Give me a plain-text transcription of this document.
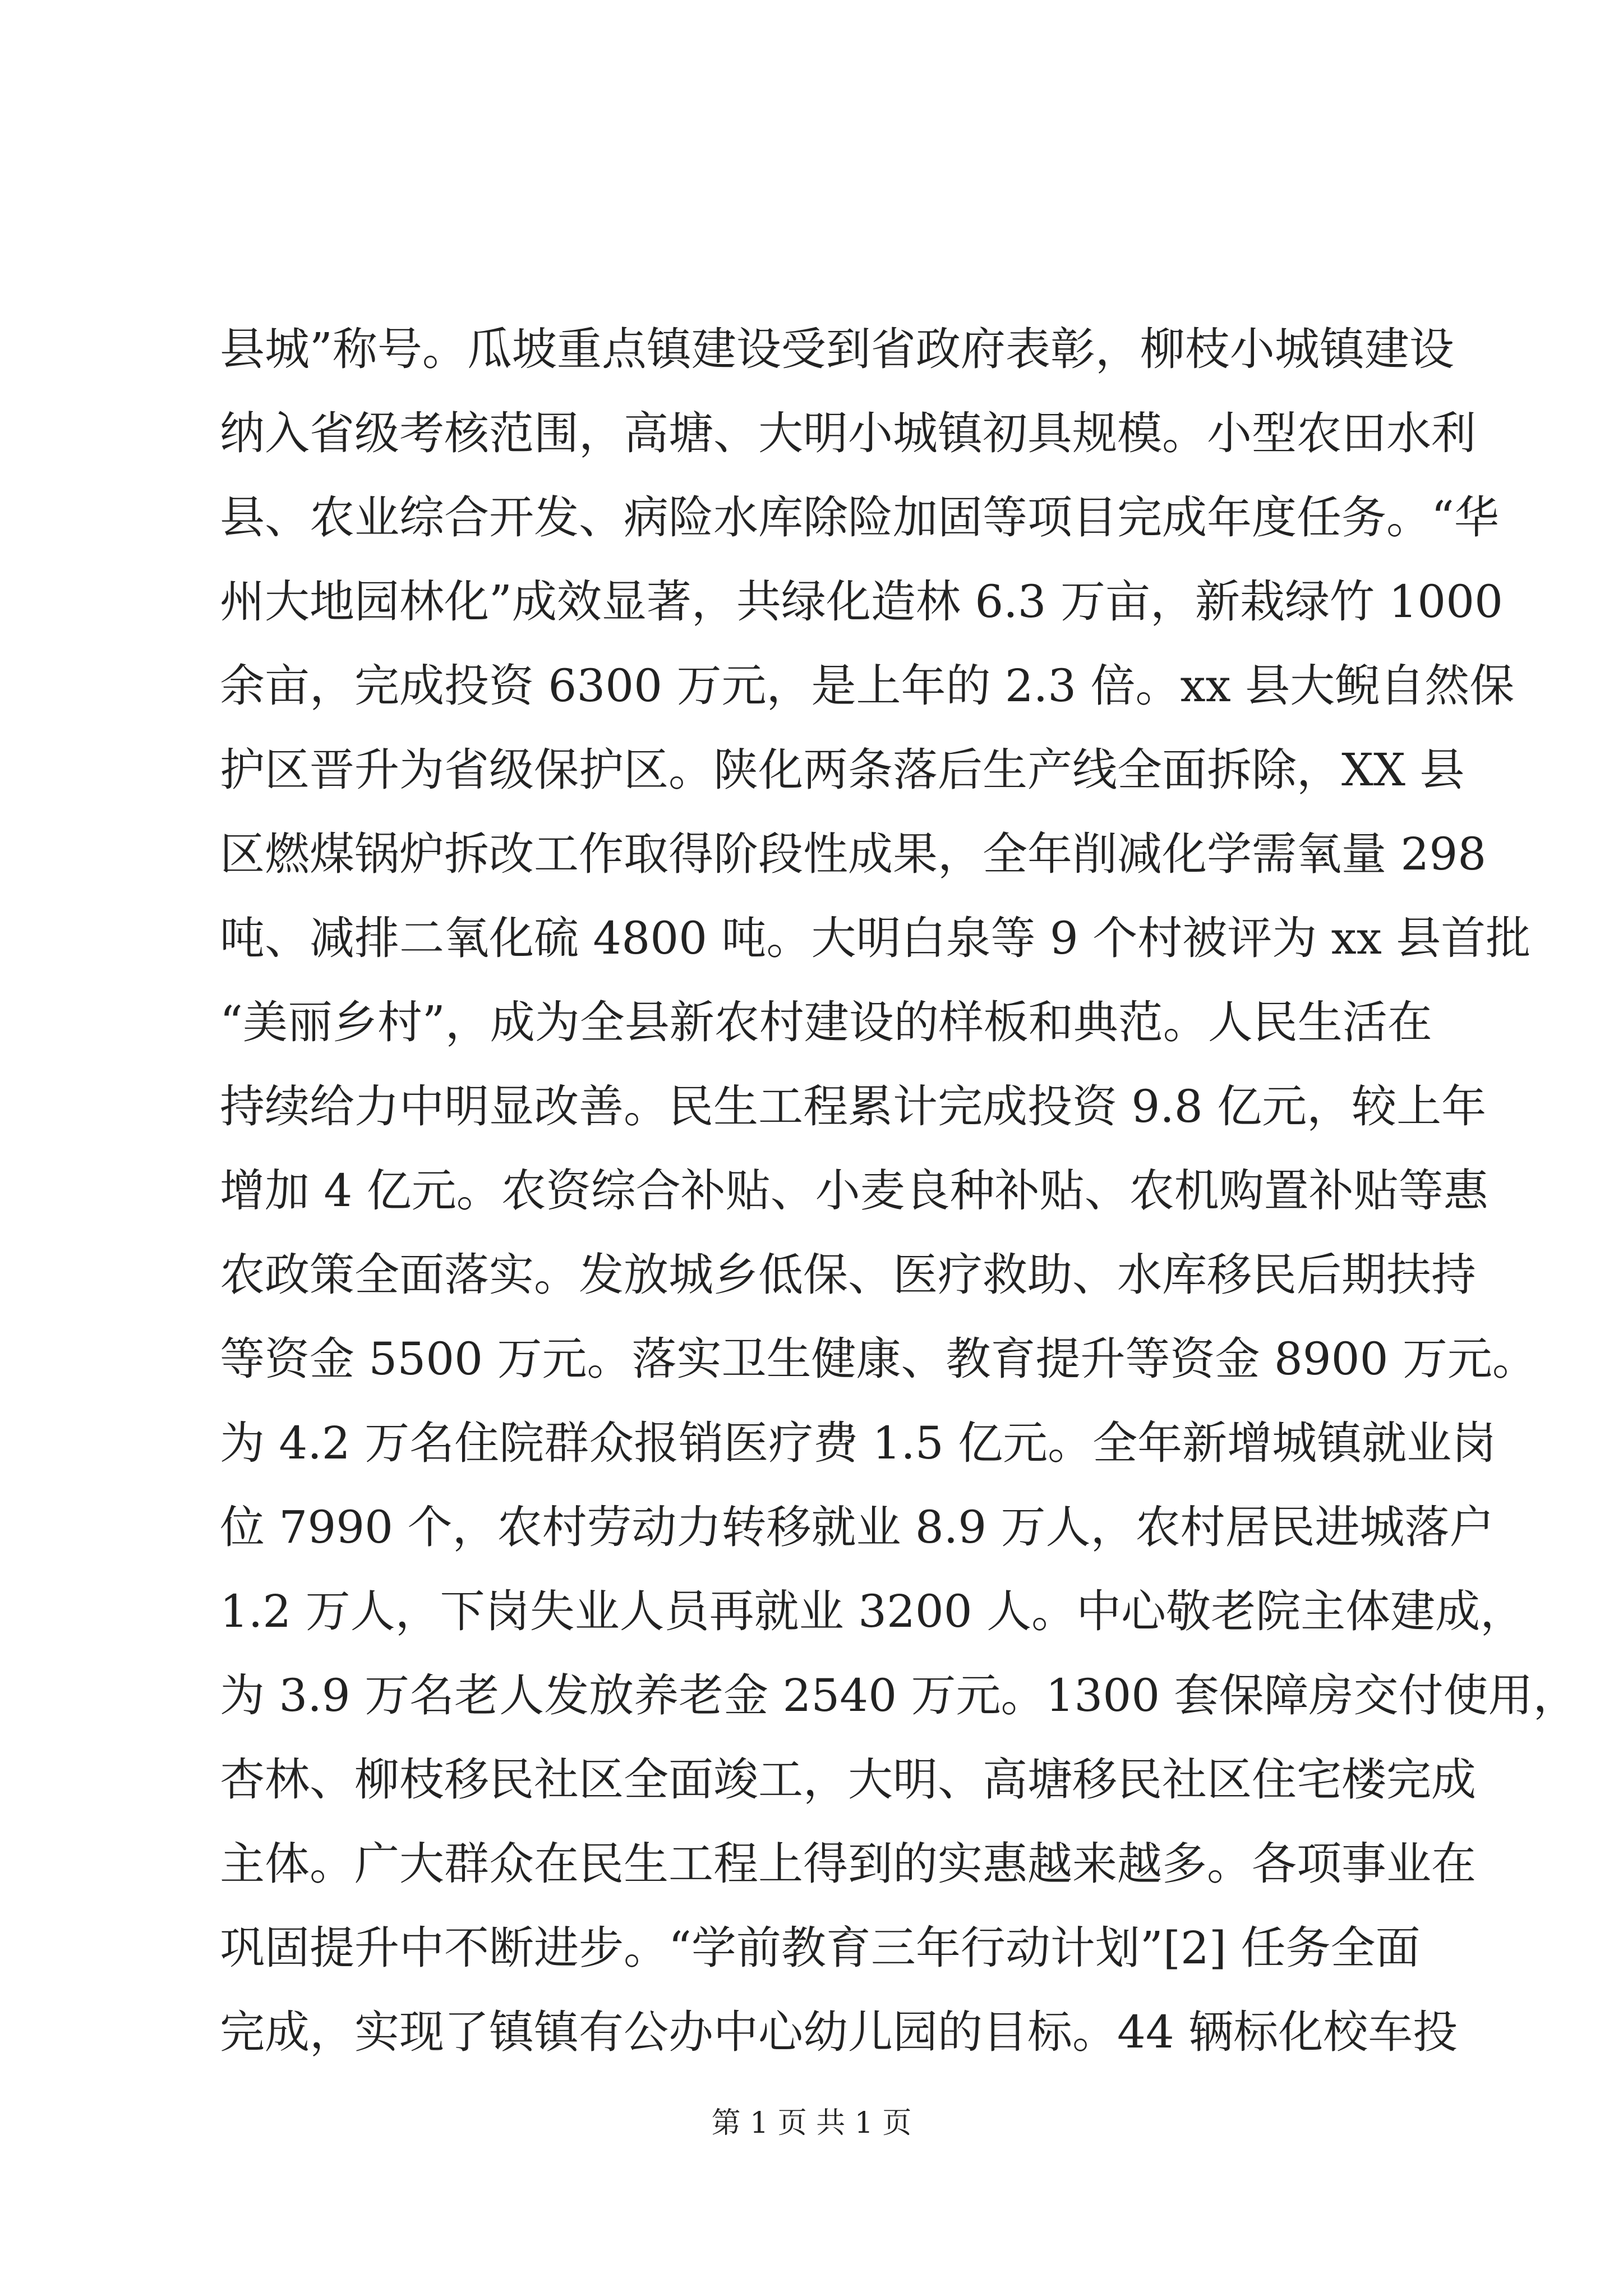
县城”称号。瓜坡重点镇建设受到省政府表彰，柳枝小城镇建设
纳入省级考核范围，高塘、大明小城镇初具规模。小型农田水利
县、农业综合开发、病险水库除险加固等项目完成年度任务。“华
州大地园林化”成效显著，共绿化造林 6.3 万亩，新栽绿竹 1000
余亩，完成投资 6300 万元，是上年的 2.3 倍。xx 县大鲵自然保
护区晋升为省级保护区。陕化两条落后生产线全面拆除，XX 县
区燃煤锅炉拆改工作取得阶段性成果，全年削减化学需氧量 298
吨、减排二氧化硫 4800 吨。大明白泉等 9 个村被评为 xx 县首批
“美丽乡村”，成为全县新农村建设的样板和典范。人民生活在
持续给力中明显改善。民生工程累计完成投资 9.8 亿元，较上年
增加 4 亿元。农资综合补贴、小麦良种补贴、农机购置补贴等惠
农政策全面落实。发放城乡低保、医疗救助、水库移民后期扶持
等资金 5500 万元。落实卫生健康、教育提升等资金 8900 万元。
为 4.2 万名住院群众报销医疗费 1.5 亿元。全年新增城镇就业岗
位 7990 个，农村劳动力转移就业 8.9 万人，农村居民进城落户
1.2 万人，下岗失业人员再就业 3200 人。中心敬老院主体建成，
为 3.9 万名老人发放养老金 2540 万元。1300 套保障房交付使用，
杏林、柳枝移民社区全面竣工，大明、高塘移民社区住宅楼完成
主体。广大群众在民生工程上得到的实惠越来越多。各项事业在
巩固提升中不断进步。“学前教育三年行动计划”[2] 任务全面
完成，实现了镇镇有公办中心幼儿园的目标。44 辆标化校车投
第 1 页 共 1 页
